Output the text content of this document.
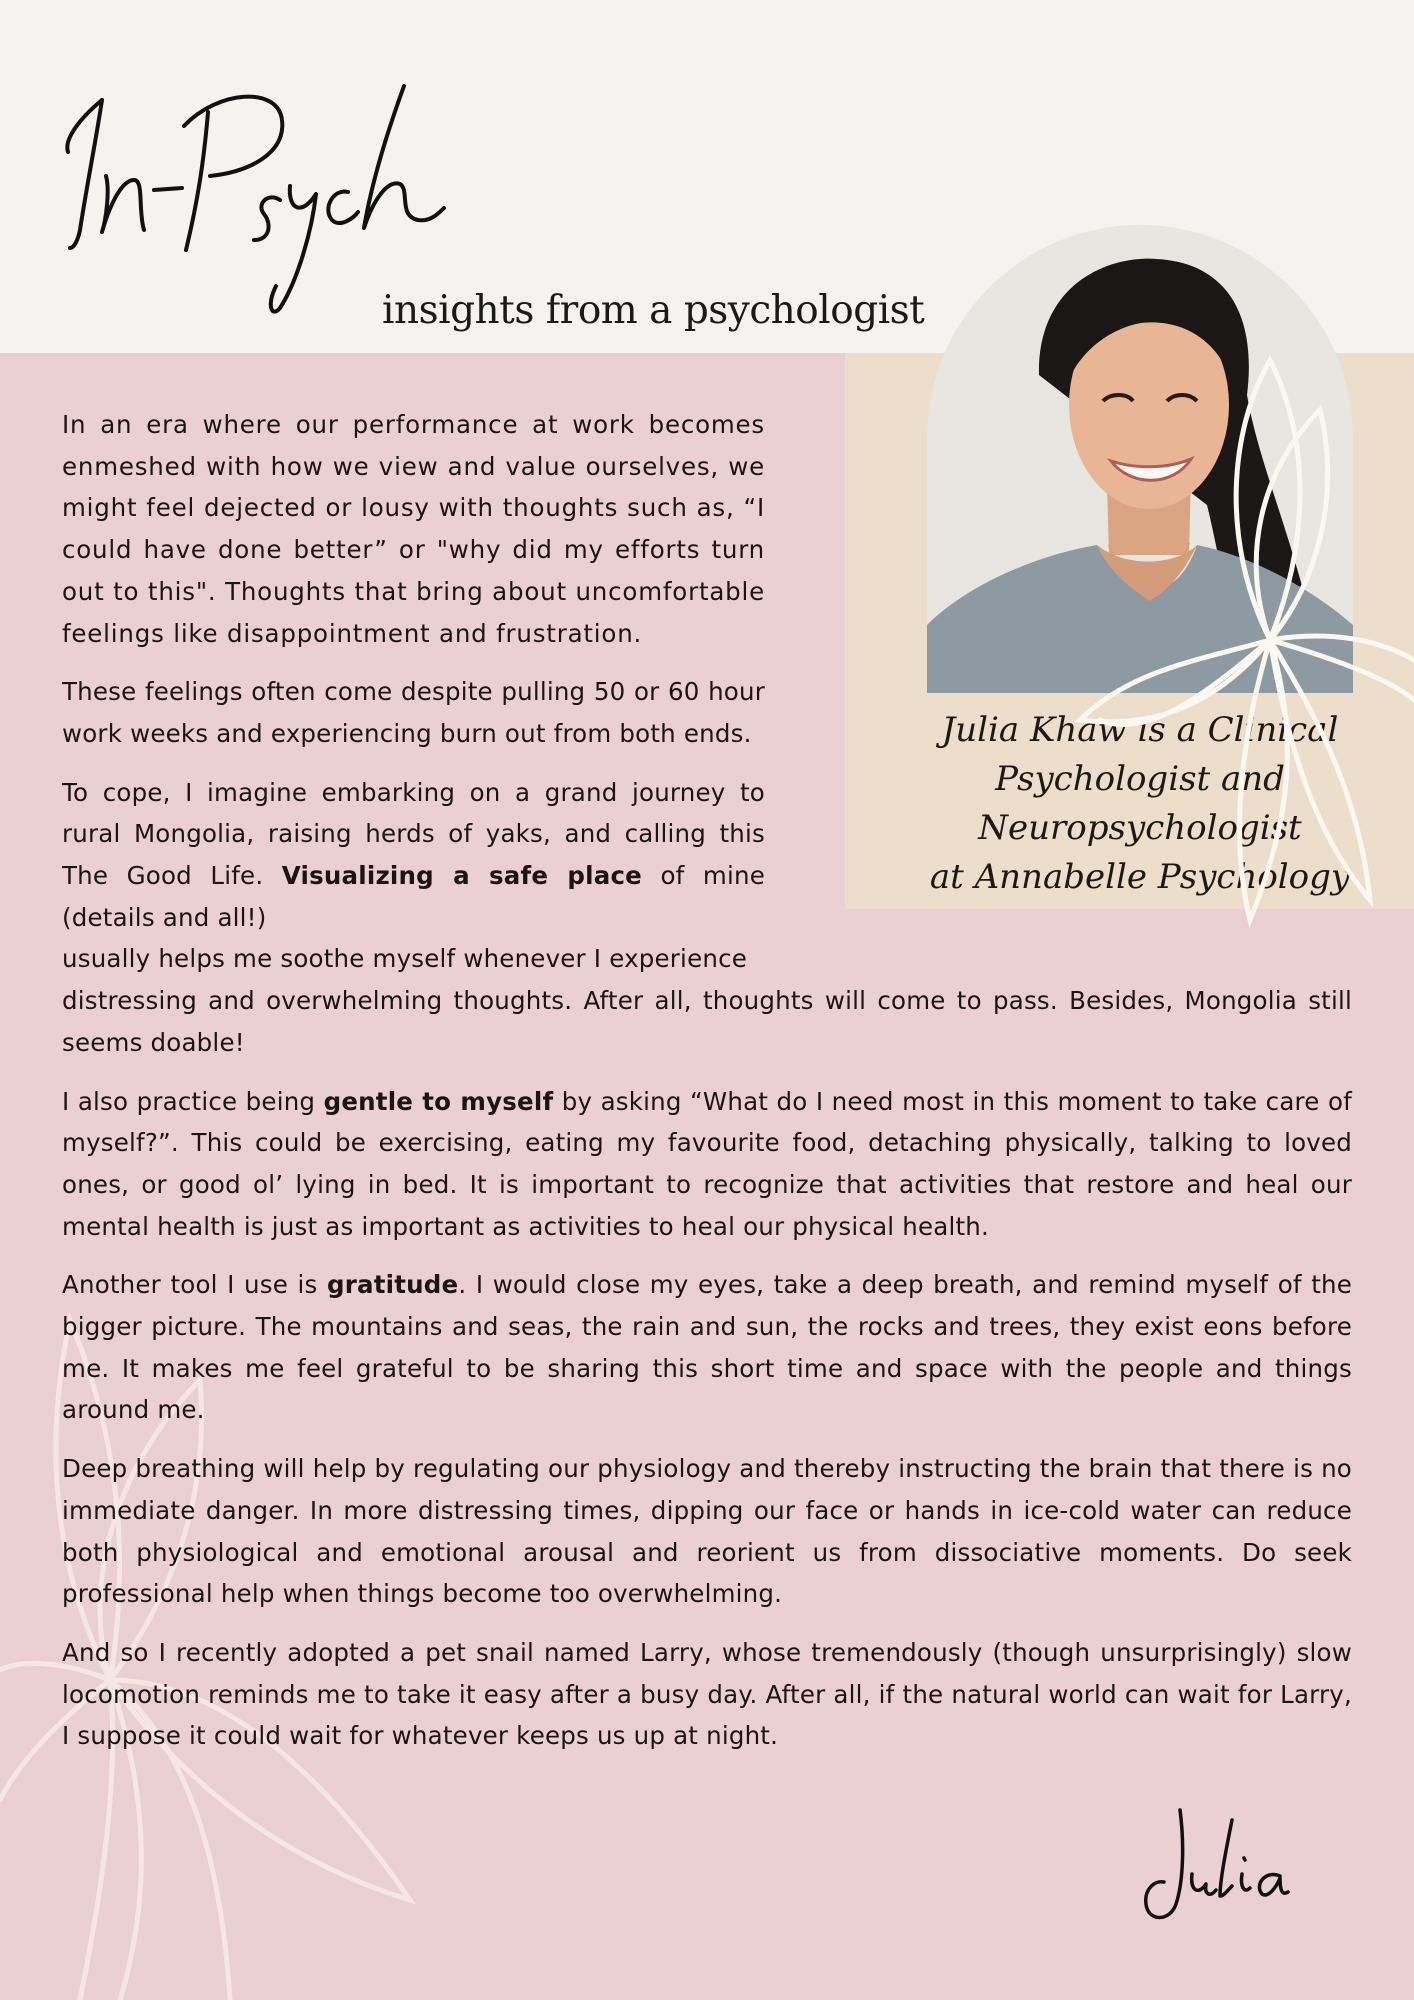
insights from a psychologist
Julia Khaw is a Clinical
Psychologist and
Neuropsychologist
at Annabelle Psychology

In an era where our performance at work becomes enmeshed with how we view and value ourselves, we might feel dejected or lousy with thoughts such as, “I could have done better” or "why did my efforts turn out to this". Thoughts that bring about uncomfortable feelings like disappointment and frustration.

These feelings often come despite pulling 50 or 60 hour work weeks and experiencing burn out from both ends.

To cope, I imagine embarking on a grand journey to rural Mongolia, raising herds of yaks, and calling this The Good Life. Visualizing a safe place of mine (details and all!)
usually helps me soothe myself whenever I experience

distressing and overwhelming thoughts. After all, thoughts will come to pass. Besides, Mongolia still seems doable!

I also practice being gentle to myself by asking “What do I need most in this moment to take care of myself?”. This could be exercising, eating my favourite food, detaching physically, talking to loved ones, or good ol’ lying in bed. It is important to recognize that activities that restore and heal our mental health is just as important as activities to heal our physical health.

Another tool I use is gratitude. I would close my eyes, take a deep breath, and remind myself of the bigger picture. The mountains and seas, the rain and sun, the rocks and trees, they exist eons before me. It makes me feel grateful to be sharing this short time and space with the people and things around me.

Deep breathing will help by regulating our physiology and thereby instructing the brain that there is no immediate danger. In more distressing times, dipping our face or hands in ice-cold water can reduce both physiological and emotional arousal and reorient us from dissociative moments. Do seek professional help when things become too overwhelming.

And so I recently adopted a pet snail named Larry, whose tremendously (though unsurprisingly) slow locomotion reminds me to take it easy after a busy day. After all, if the natural world can wait for Larry, I suppose it could wait for whatever keeps us up at night.
